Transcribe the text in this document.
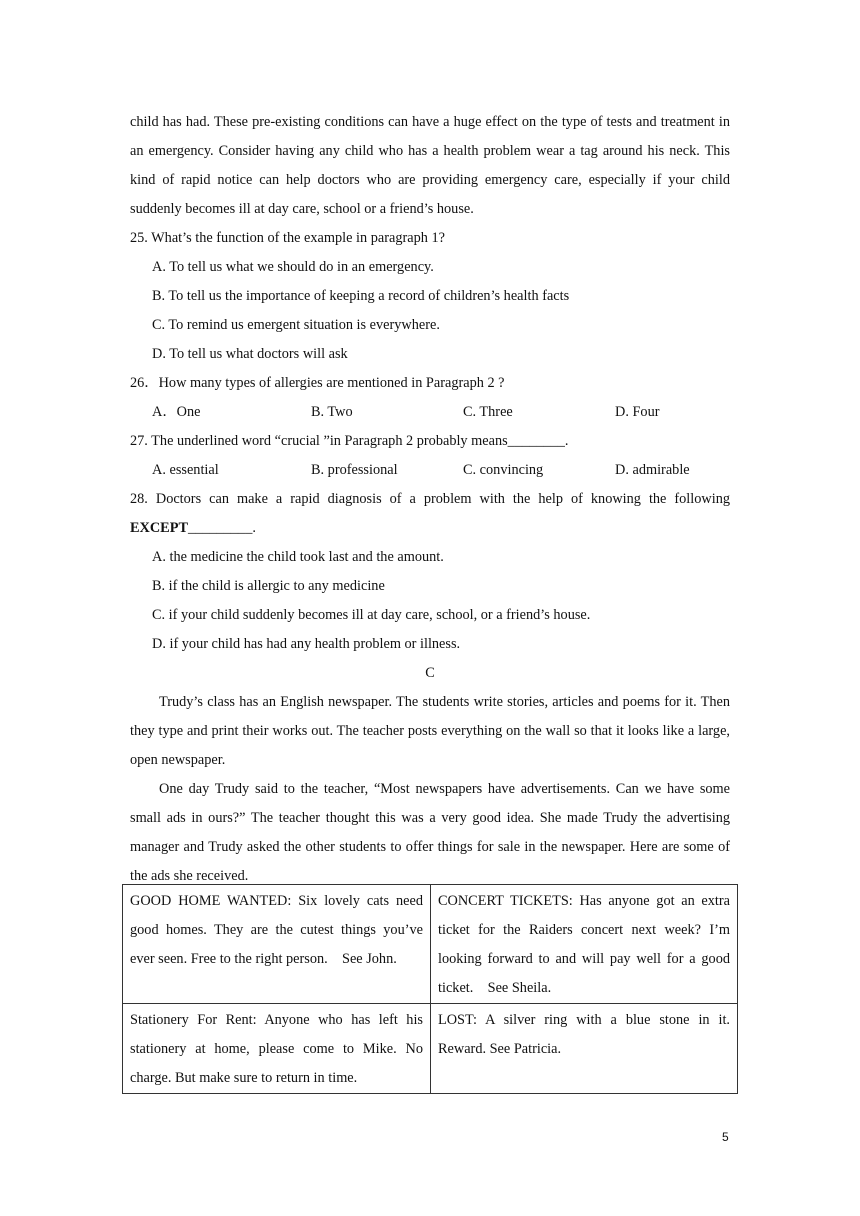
child has had. These pre-existing conditions can have a huge effect on the type of tests and treatment in an emergency. Consider having any child who has a health problem wear a tag around his neck. This kind of rapid notice can help doctors who are providing emergency care, especially if your child suddenly becomes ill at day care, school or a friend’s house.

25. What’s the function of the example in paragraph 1?

A. To tell us what we should do in an emergency.

B. To tell us the importance of keeping a record of children’s health facts

C. To remind us emergent situation is everywhere.

D. To tell us what doctors will ask

26．How many types of allergies are mentioned in Paragraph 2 ?

A．One	B. Two	C. Three	D. Four

27. The underlined word “crucial ”in Paragraph 2 probably means________.

A. essential	B. professional	C. convincing	D. admirable

28. Doctors can make a rapid diagnosis of a problem with the help of knowing the following EXCEPT_________.

A. the medicine the child took last and the amount.

B. if the child is allergic to any medicine

C. if your child suddenly becomes ill at day care, school, or a friend’s house.

D. if your child has had any health problem or illness.

C

Trudy’s class has an English newspaper. The students write stories, articles and poems for it. Then they type and print their works out. The teacher posts everything on the wall so that it looks like a large, open newspaper.

One day Trudy said to the teacher, “Most newspapers have advertisements. Can we have some small ads in ours?” The teacher thought this was a very good idea. She made Trudy the advertising manager and Trudy asked the other students to offer things for sale in the newspaper. Here are some of the ads she received.

GOOD HOME WANTED: Six lovely cats need good homes. They are the cutest things you’ve ever seen. Free to the right person.    See John.	CONCERT TICKETS: Has anyone got an extra ticket for the Raiders concert next week? I’m looking forward to and will pay well for a good ticket.    See Sheila.
Stationery For Rent: Anyone who has left his stationery at home, please come to Mike. No charge. But make sure to return in time.	LOST: A silver ring with a blue stone in it. Reward. See Patricia.
5
